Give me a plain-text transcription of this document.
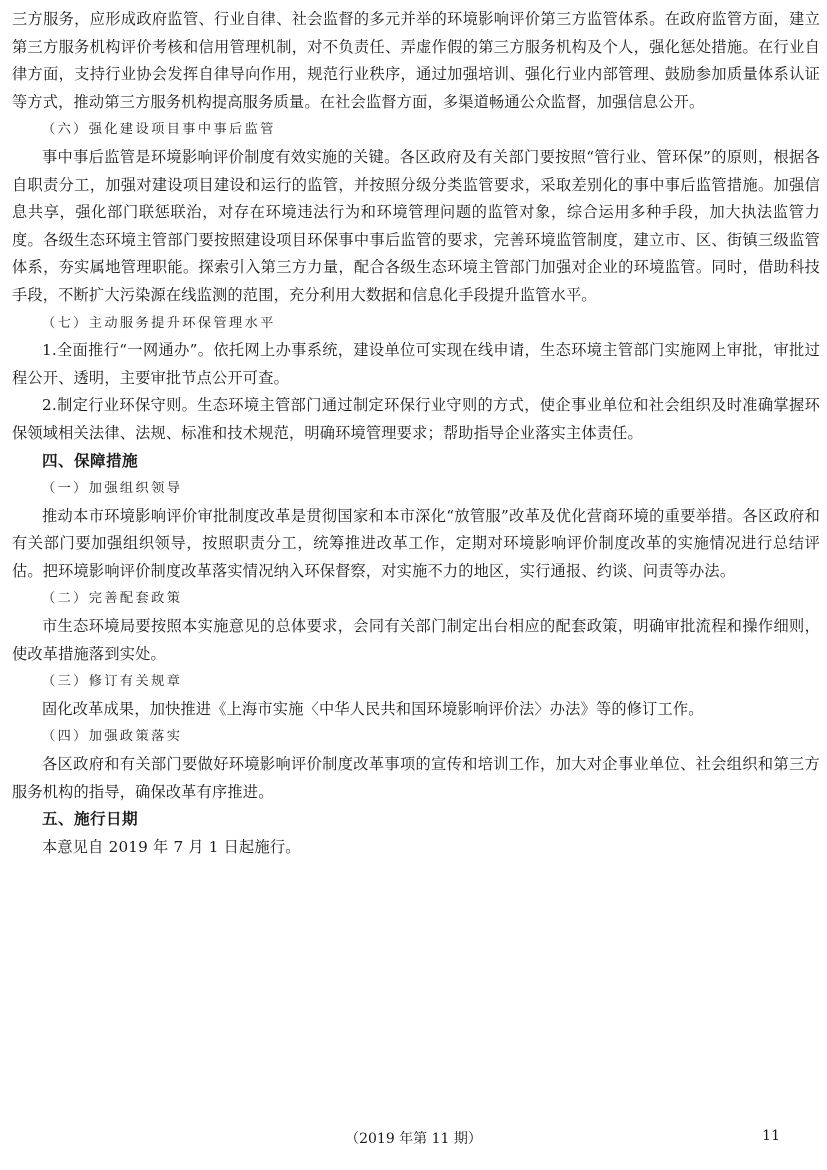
三方服务，应形成政府监管、行业自律、社会监督的多元并举的环境影响评价第三方监管体系。在政府监管方面，建立第三方服务机构评价考核和信用管理机制，对不负责任、弄虚作假的第三方服务机构及个人，强化惩处措施。在行业自律方面，支持行业协会发挥自律导向作用，规范行业秩序，通过加强培训、强化行业内部管理、鼓励参加质量体系认证等方式，推动第三方服务机构提高服务质量。在社会监督方面，多渠道畅通公众监督，加强信息公开。

（六）强化建设项目事中事后监管

事中事后监管是环境影响评价制度有效实施的关键。各区政府及有关部门要按照“管行业、管环保”的原则，根据各自职责分工，加强对建设项目建设和运行的监管，并按照分级分类监管要求，采取差别化的事中事后监管措施。加强信息共享，强化部门联惩联治，对存在环境违法行为和环境管理问题的监管对象，综合运用多种手段，加大执法监管力度。各级生态环境主管部门要按照建设项目环保事中事后监管的要求，完善环境监管制度，建立市、区、街镇三级监管体系，夯实属地管理职能。探索引入第三方力量，配合各级生态环境主管部门加强对企业的环境监管。同时，借助科技手段，不断扩大污染源在线监测的范围，充分利用大数据和信息化手段提升监管水平。

（七）主动服务提升环保管理水平

1.全面推行“一网通办”。依托网上办事系统，建设单位可实现在线申请，生态环境主管部门实施网上审批，审批过程公开、透明，主要审批节点公开可查。

2.制定行业环保守则。生态环境主管部门通过制定环保行业守则的方式，使企事业单位和社会组织及时准确掌握环保领域相关法律、法规、标准和技术规范，明确环境管理要求；帮助指导企业落实主体责任。

四、保障措施

（一）加强组织领导

推动本市环境影响评价审批制度改革是贯彻国家和本市深化“放管服”改革及优化营商环境的重要举措。各区政府和有关部门要加强组织领导，按照职责分工，统筹推进改革工作，定期对环境影响评价制度改革的实施情况进行总结评估。把环境影响评价制度改革落实情况纳入环保督察，对实施不力的地区，实行通报、约谈、问责等办法。

（二）完善配套政策

市生态环境局要按照本实施意见的总体要求，会同有关部门制定出台相应的配套政策，明确审批流程和操作细则，使改革措施落到实处。

（三）修订有关规章

固化改革成果，加快推进《上海市实施〈中华人民共和国环境影响评价法〉办法》等的修订工作。

（四）加强政策落实

各区政府和有关部门要做好环境影响评价制度改革事项的宣传和培训工作，加大对企事业单位、社会组织和第三方服务机构的指导，确保改革有序推进。

五、施行日期

本意见自 2019 年 7 月 1 日起施行。

（2019 年第 11 期）	11
